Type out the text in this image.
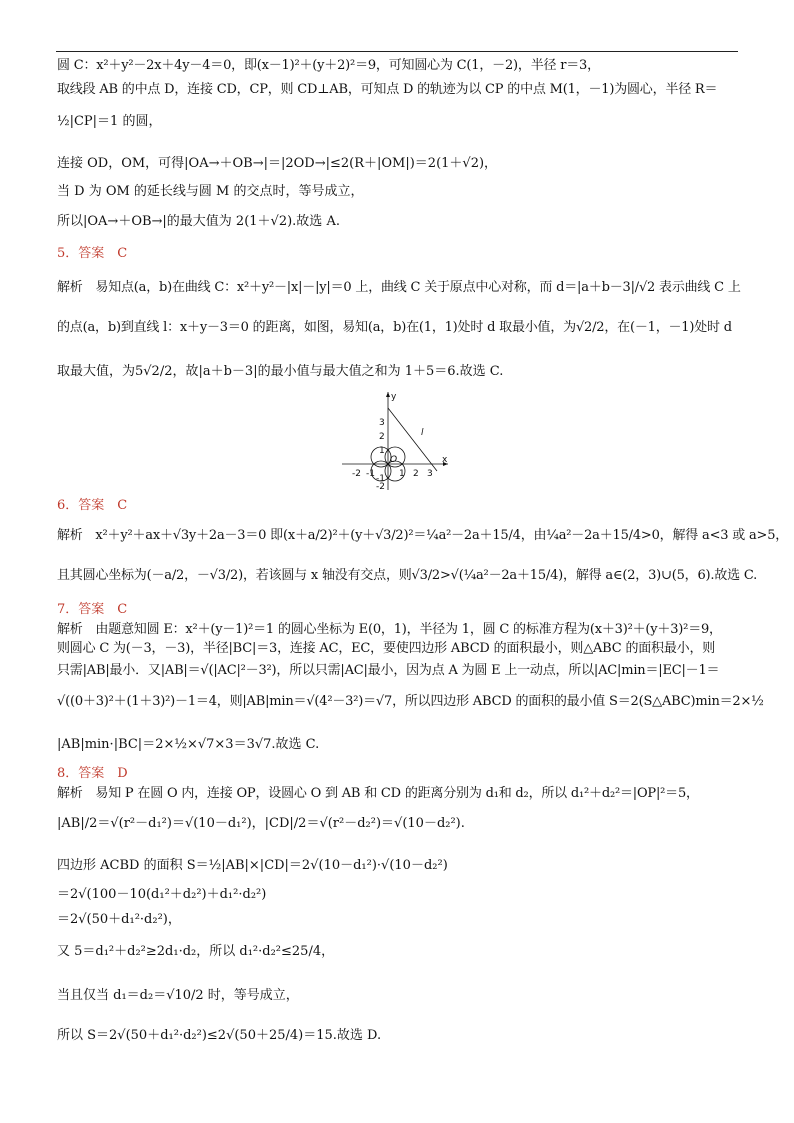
圆 C：x²＋y²－2x＋4y－4＝0，即(x－1)²＋(y＋2)²＝9，可知圆心为 C(1，－2)，半径 r＝3，
取线段 AB 的中点 D，连接 CD，CP，则 CD⊥AB，可知点 D 的轨迹为以 CP 的中点 M(1，－1)为圆心，半径 R＝
½|CP|＝1 的圆，
连接 OD，OM，可得|OA→＋OB→|＝|2OD→|≤2(R＋|OM|)＝2(1＋√2)，
当 D 为 OM 的延长线与圆 M 的交点时，等号成立，
所以|OA→＋OB→|的最大值为 2(1＋√2).故选 A.
5．答案　C
解析　易知点(a，b)在曲线 C：x²＋y²－|x|－|y|＝0 上，曲线 C 关于原点中心对称，而 d＝|a＋b－3|/√2 表示曲线 C 上
的点(a，b)到直线 l：x＋y－3＝0 的距离，如图，易知(a，b)在(1，1)处时 d 取最小值，为√2/2，在(－1，－1)处时 d
取最大值，为5√2/2，故|a＋b－3|的最小值与最大值之和为 1＋5＝6.故选 C.
y
x
O
l
-2 -1	1 2 3
3
2
1
-1
-2
6．答案　C
解析　x²＋y²＋ax＋√3y＋2a－3＝0 即(x＋a/2)²＋(y＋√3/2)²＝¼a²－2a＋15/4，由¼a²－2a＋15/4>0，解得 a<3 或 a>5，
且其圆心坐标为(－a/2，－√3/2)，若该圆与 x 轴没有交点，则√3/2>√(¼a²－2a＋15/4)，解得 a∈(2，3)∪(5，6).故选 C.
7．答案　C
解析　由题意知圆 E：x²＋(y－1)²＝1 的圆心坐标为 E(0，1)，半径为 1，圆 C 的标准方程为(x＋3)²＋(y＋3)²＝9，
则圆心 C 为(－3，－3)，半径|BC|＝3，连接 AC，EC，要使四边形 ABCD 的面积最小，则△ABC 的面积最小，则
只需|AB|最小．又|AB|＝√(|AC|²－3²)，所以只需|AC|最小，因为点 A 为圆 E 上一动点，所以|AC|min＝|EC|－1＝
√((0＋3)²＋(1＋3)²)－1＝4，则|AB|min＝√(4²－3²)＝√7，所以四边形 ABCD 的面积的最小值 S＝2(S△ABC)min＝2×½
|AB|min·|BC|＝2×½×√7×3＝3√7.故选 C.
8．答案　D
解析　易知 P 在圆 O 内，连接 OP，设圆心 O 到 AB 和 CD 的距离分别为 d₁和 d₂，所以 d₁²＋d₂²＝|OP|²＝5，
|AB|/2＝√(r²－d₁²)＝√(10－d₁²)，|CD|/2＝√(r²－d₂²)＝√(10－d₂²).
四边形 ACBD 的面积 S＝½|AB|×|CD|＝2√(10－d₁²)·√(10－d₂²)
＝2√(100－10(d₁²＋d₂²)＋d₁²·d₂²)
＝2√(50＋d₁²·d₂²)，
又 5＝d₁²＋d₂²≥2d₁·d₂，所以 d₁²·d₂²≤25/4，
当且仅当 d₁＝d₂＝√10/2 时，等号成立，
所以 S＝2√(50＋d₁²·d₂²)≤2√(50＋25/4)＝15.故选 D.
